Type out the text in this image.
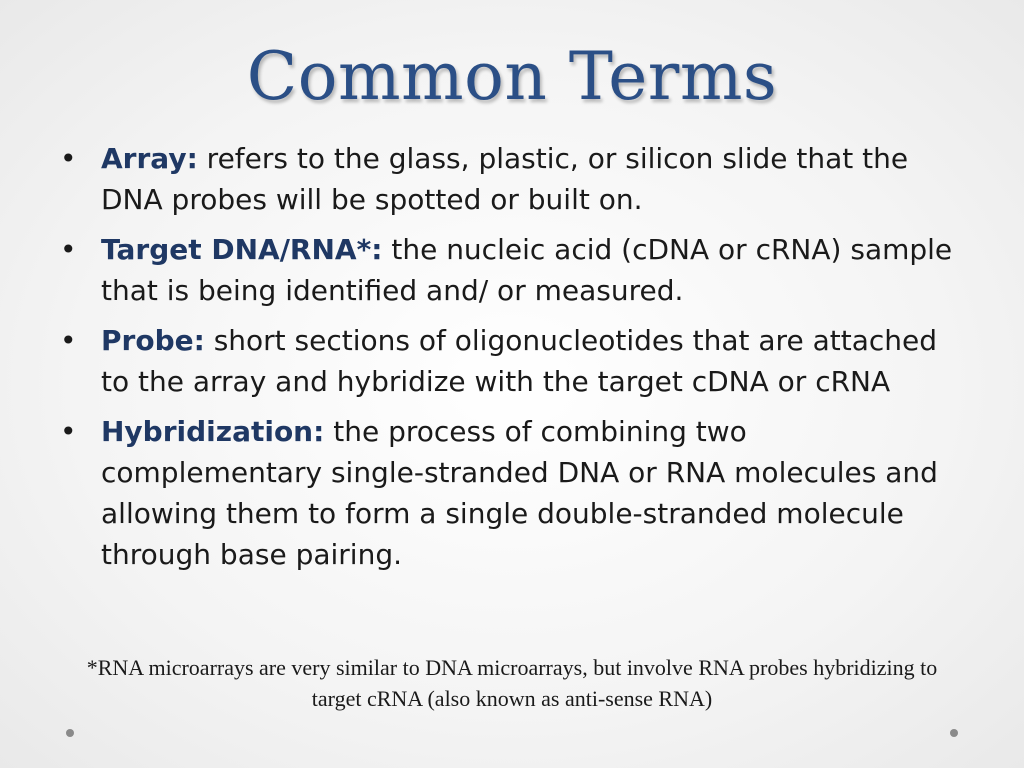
Common Terms
• Array: refers to the glass, plastic, or silicon slide that the DNA probes will be spotted or built on.
• Target DNA/RNA*: the nucleic acid (cDNA or cRNA) sample that is being identified and/ or measured.
• Probe: short sections of oligonucleotides that are attached to the array and hybridize with the target cDNA or cRNA
• Hybridization: the process of combining two complementary single-stranded DNA or RNA molecules and allowing them to form a single double-stranded molecule through base pairing.
*RNA microarrays are very similar to DNA microarrays, but involve RNA probes hybridizing to target cRNA (also known as anti-sense RNA)
